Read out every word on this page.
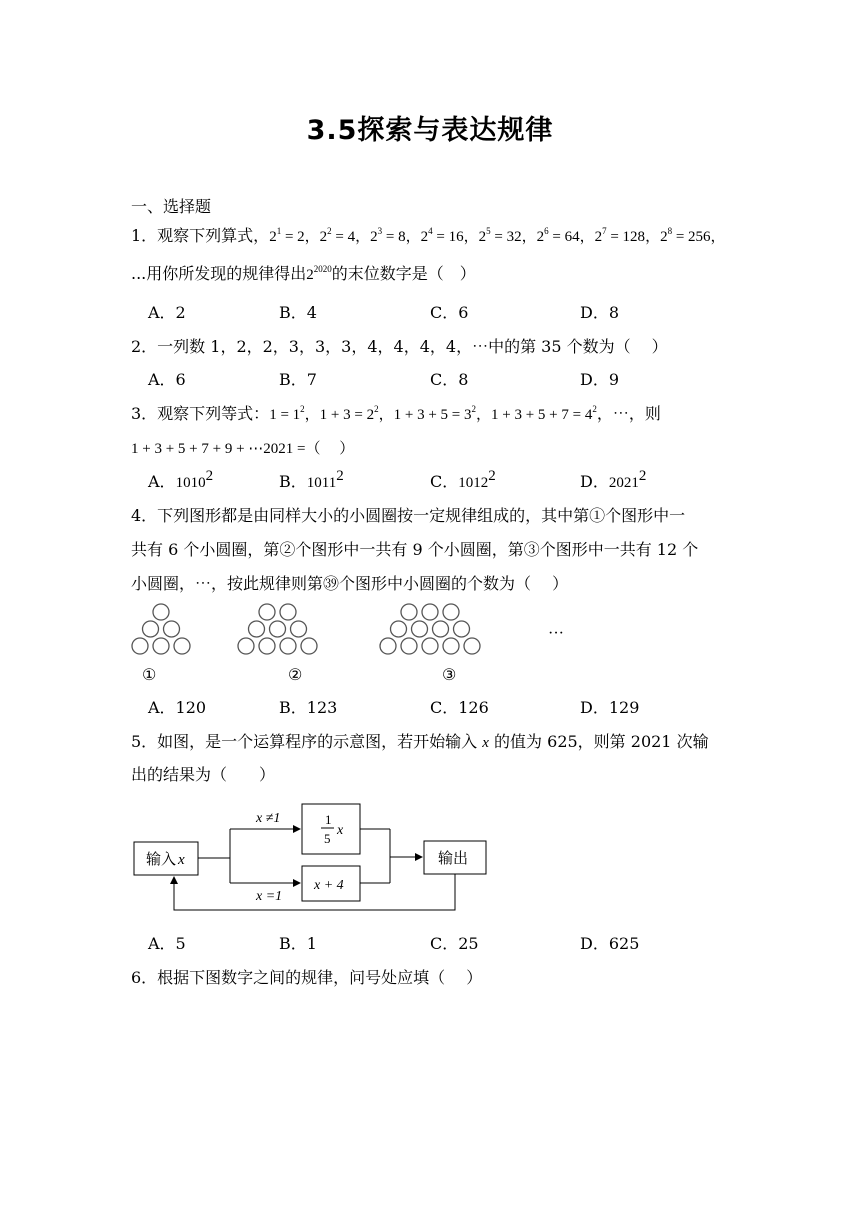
3.5探索与表达规律
一、选择题
1．观察下列算式，$2^1 = 2$，$2^2 = 4$，$2^3 = 8$，$2^4 = 16$，$2^5 = 32$，$2^6 = 64$，$2^7 = 128$，$2^8 = 256$，
...用你所发现的规律得出$2^{2020}$的末位数字是（　）
A．2	B．4	C．6	D．8
2．一列数 1，2，2，3，3，3，4，4，4，4，⋯中的第 35 个数为（　 ）
A．6	B．7	C．8	D．9
3．观察下列等式：$1 = 1^2$，$1 + 3 = 2^2$，$1 + 3 + 5 = 3^2$，$1 + 3 + 5 + 7 = 4^2$，⋯，则
1 + 3 + 5 + 7 + 9 + ⋯2021 =（　 ）
A．1010$^2$	B．1011$^2$	C．1012$^2$	D．2021$^2$
4．下列图形都是由同样大小的小圆圈按一定规律组成的，其中第①个图形中一
共有 6 个小圆圈，第②个图形中一共有 9 个小圆圈，第③个图形中一共有 12 个
小圆圈，⋯，按此规律则第㊴个图形中小圆圈的个数为（　 ）
①	②	③
···
A．120	B．123	C．126	D．129
5．如图，是一个运算程序的示意图，若开始输入 x 的值为 625，则第 2021 次输
出的结果为（　　）
输入 x
x ≠1
x =1
1
5
x
x + 4
输出
A．5	B．1	C．25	D．625
6．根据下图数字之间的规律，问号处应填（　 ）
